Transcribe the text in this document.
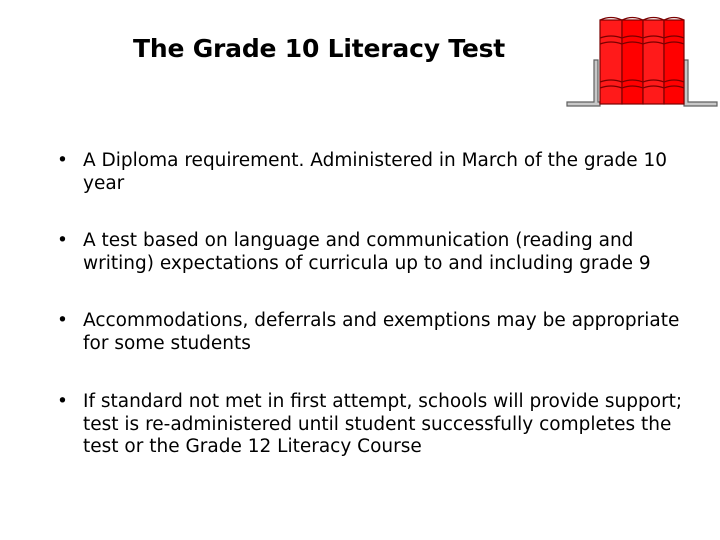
The Grade 10 Literacy Test
• A Diploma requirement. Administered in March of the grade 10 year
• A test based on language and communication (reading and writing) expectations of curricula up to and including grade 9
• Accommodations, deferrals and exemptions may be appropriate for some students
• If standard not met in first attempt, schools will provide support; test is re-administered until student successfully completes the test or the Grade 12 Literacy Course
